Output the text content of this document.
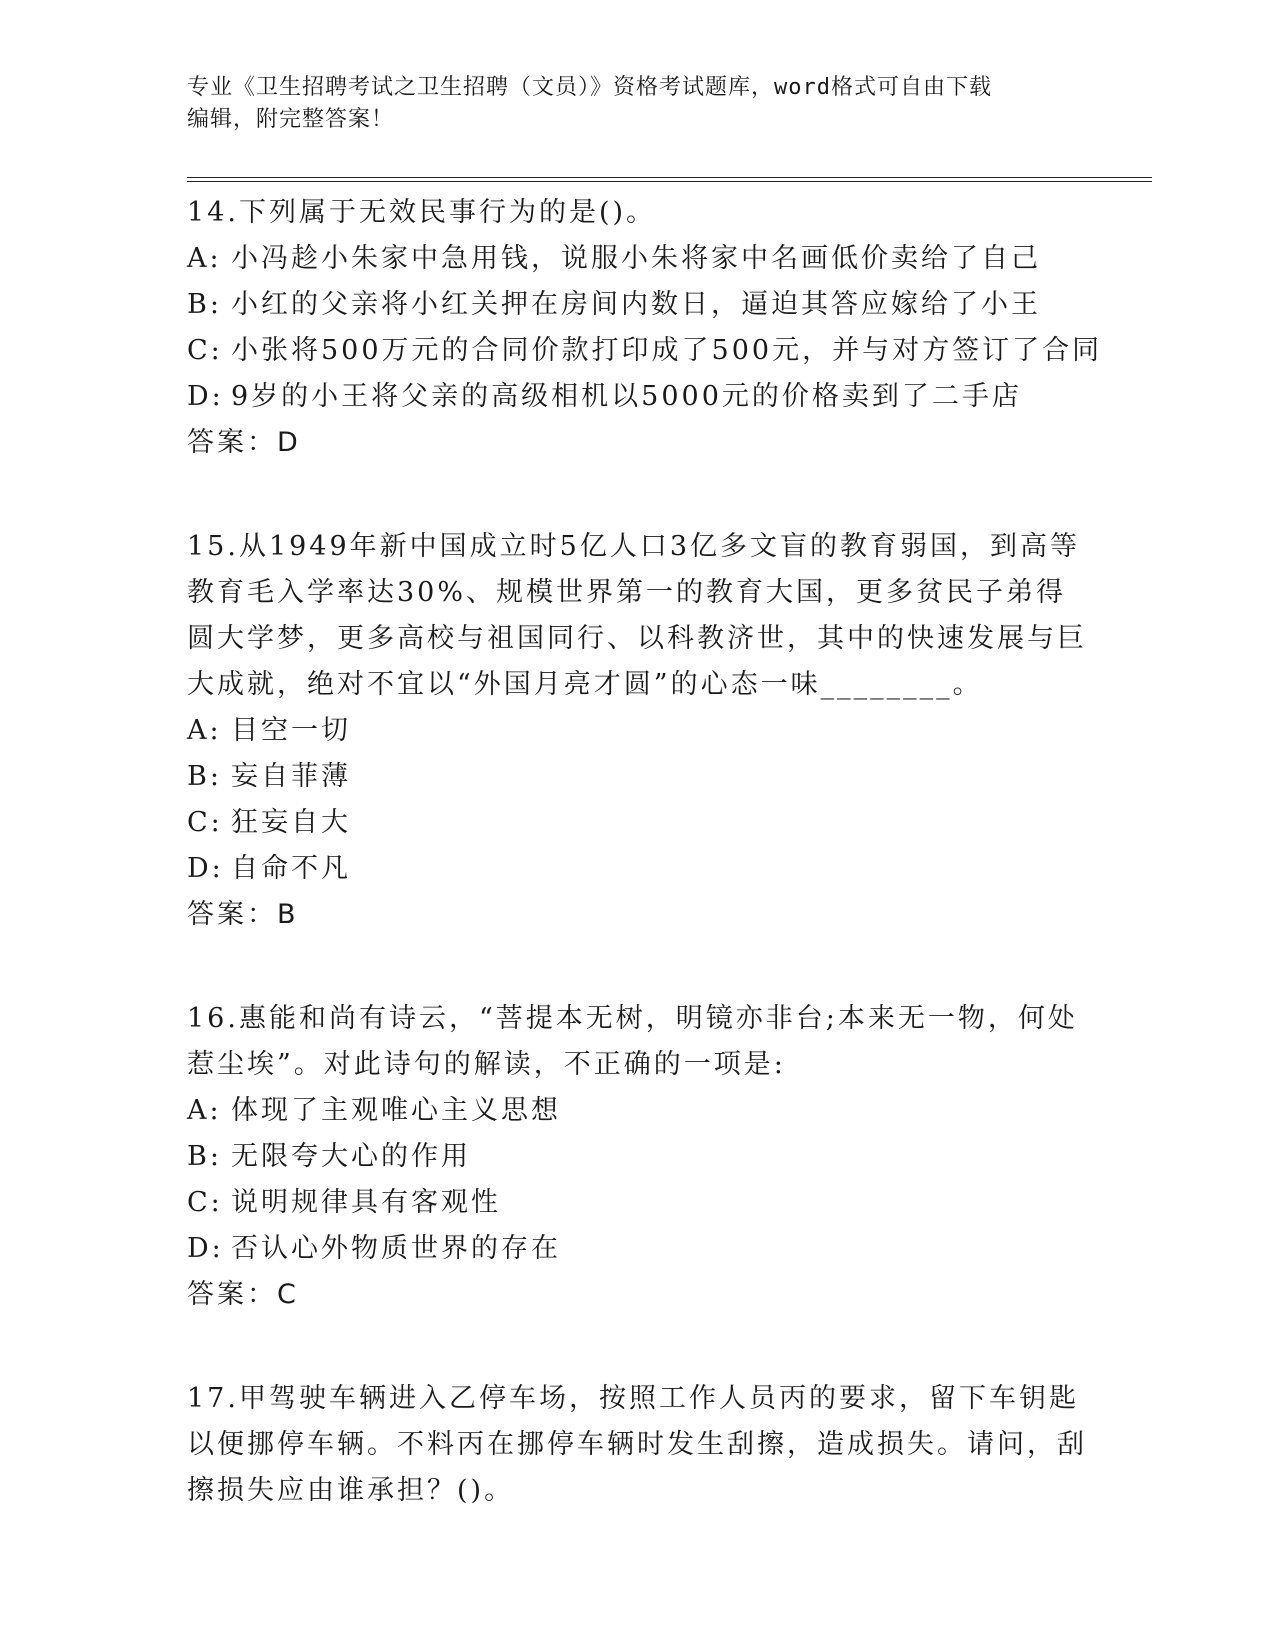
专业《卫生招聘考试之卫生招聘（文员）》资格考试题库，word格式可自由下载
编辑，附完整答案！

14.下列属于无效民事行为的是()。

A: 小冯趁小朱家中急用钱，说服小朱将家中名画低价卖给了自己

B: 小红的父亲将小红关押在房间内数日，逼迫其答应嫁给了小王

C: 小张将500万元的合同价款打印成了500元，并与对方签订了合同

D: 9岁的小王将父亲的高级相机以5000元的价格卖到了二手店

答案：D

15.从1949年新中国成立时5亿人口3亿多文盲的教育弱国，到高等教育毛入学率达30%、规模世界第一的教育大国，更多贫民子弟得圆大学梦，更多高校与祖国同行、以科教济世，其中的快速发展与巨大成就，绝对不宜以“外国月亮才圆”的心态一味________。

A: 目空一切

B: 妄自菲薄

C: 狂妄自大

D: 自命不凡

答案：B

16.惠能和尚有诗云，“菩提本无树，明镜亦非台;本来无一物，何处惹尘埃”。对此诗句的解读，不正确的一项是:

A: 体现了主观唯心主义思想

B: 无限夸大心的作用

C: 说明规律具有客观性

D: 否认心外物质世界的存在

答案：C

17.甲驾驶车辆进入乙停车场，按照工作人员丙的要求，留下车钥匙以便挪停车辆。不料丙在挪停车辆时发生刮擦，造成损失。请问，刮擦损失应由谁承担？()。
